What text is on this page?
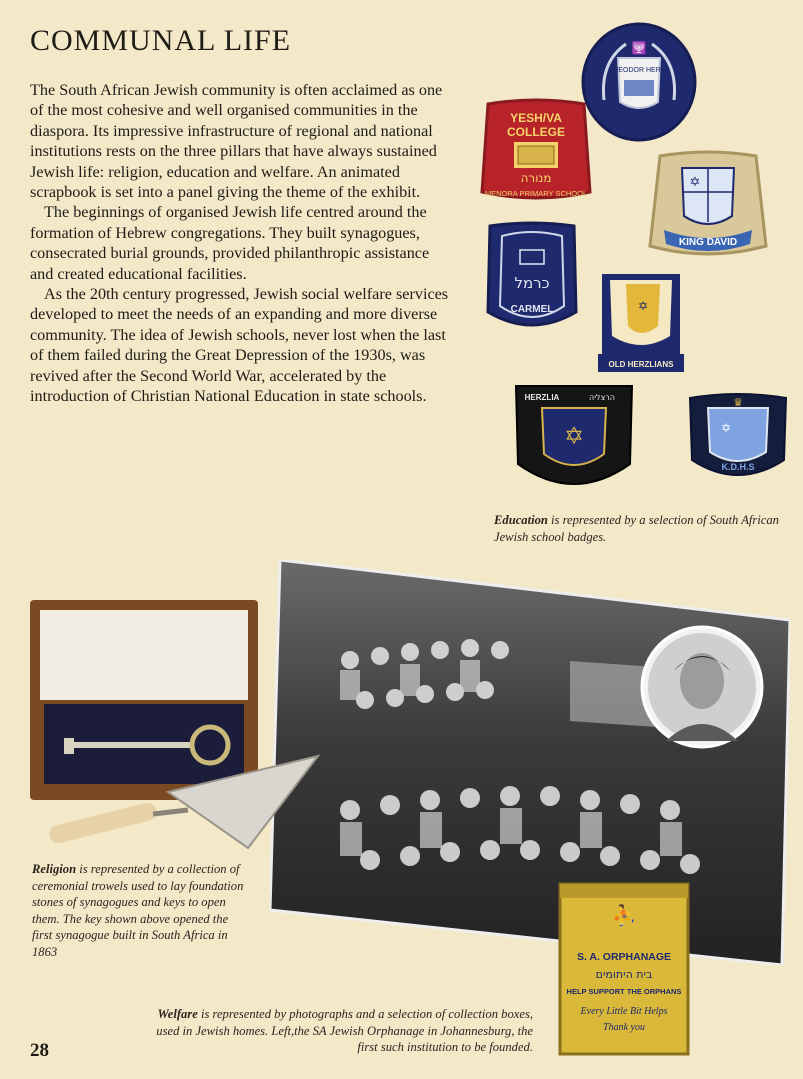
COMMUNAL LIFE

The South African Jewish community is often acclaimed as one of the most cohesive and well organised communities in the diaspora. Its impressive infrastructure of regional and national institutions rests on the three pillars that have always sustained Jewish life: religion, education and welfare. An animated scrapbook is set into a panel giving the theme of the exhibit.

The beginnings of organised Jewish life centred around the formation of Hebrew congregations. They built synagogues, consecrated burial grounds, provided philanthropic assistance and created educational facilities.

As the 20th century progressed, Jewish social welfare services developed to meet the needs of an expanding and more diverse community. The idea of Jewish schools, never lost when the last of them failed during the Great Depression of the 1930s, was revived after the Second World War, accelerated by the introduction of Christian National Education in state schools.

YESH/VA
COLLEGE
מנורה
MENORA PRIMARY SCHOOL
THEODOR HERZL
🕎
✡
KING DAVID
כרמל
CARMEL	✡
OLD HERZLIANS
HERZLIA	הרצליה
✡	✡
♛
K.D.H.S
Education is represented by a selection of South African Jewish school badges.
⛹
S. A. ORPHANAGE
בית היתומים
HELP SUPPORT THE ORPHANS
Every Little Bit Helps
Thank you
Religion is represented by a collection of ceremonial trowels used to lay foundation stones of synagogues and keys to open them. The key shown above opened the first synagogue built in South Africa in 1863
Welfare is represented by photographs and a selection of collection boxes, used in Jewish homes. Left,the SA Jewish Orphanage in Johannesburg, the first such institution to be founded.
28
